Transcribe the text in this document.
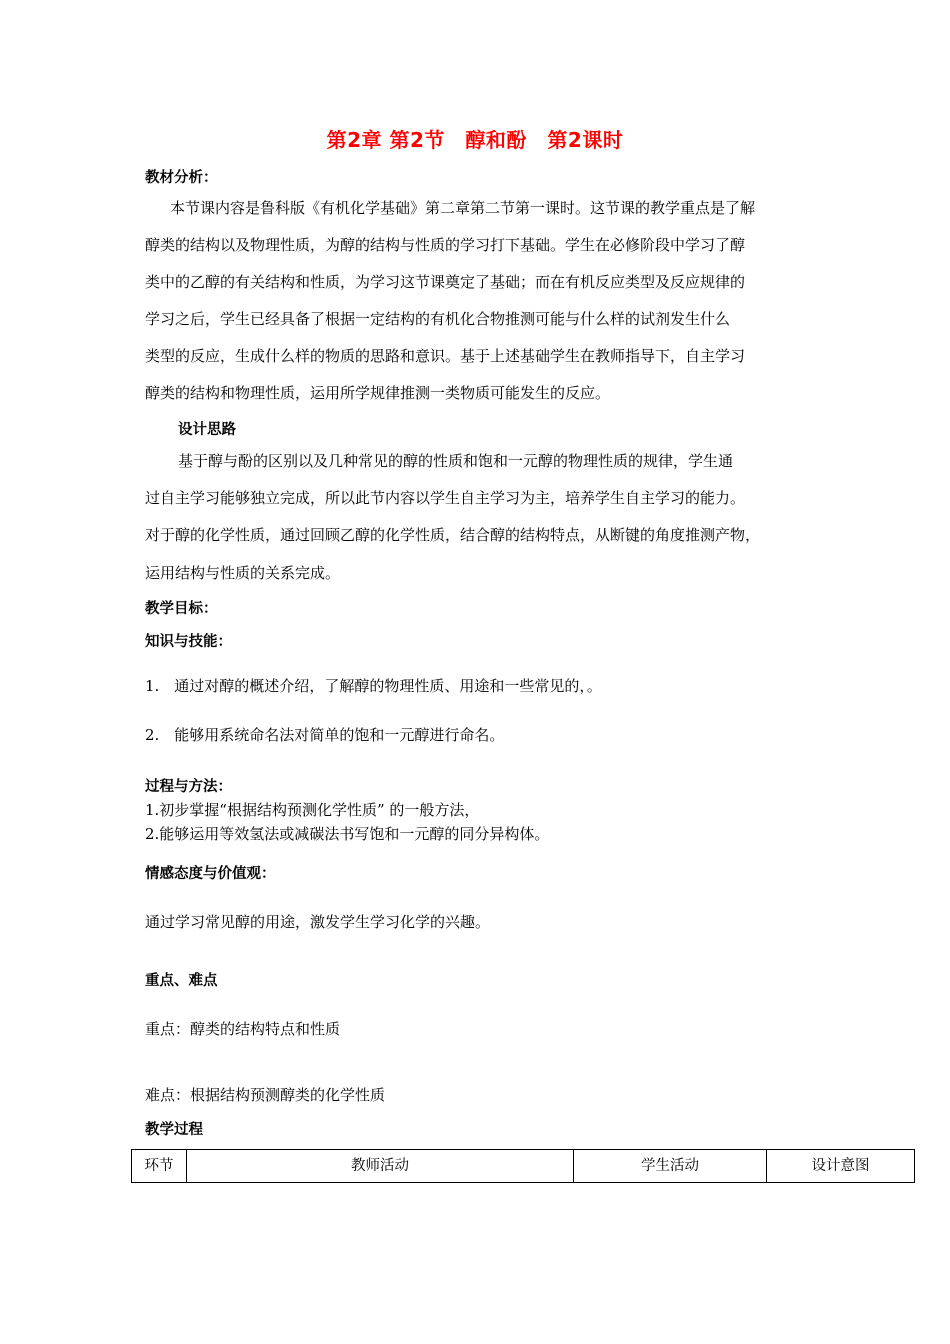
第2章 第2节　醇和酚　第2课时
教材分析：
本节课内容是鲁科版《有机化学基础》第二章第二节第一课时。这节课的教学重点是了解
醇类的结构以及物理性质，为醇的结构与性质的学习打下基础。学生在必修阶段中学习了醇
类中的乙醇的有关结构和性质，为学习这节课奠定了基础；而在有机反应类型及反应规律的
学习之后，学生已经具备了根据一定结构的有机化合物推测可能与什么样的试剂发生什么
类型的反应，生成什么样的物质的思路和意识。基于上述基础学生在教师指导下，自主学习
醇类的结构和物理性质，运用所学规律推测一类物质可能发生的反应。
设计思路
基于醇与酚的区别以及几种常见的醇的性质和饱和一元醇的物理性质的规律，学生通
过自主学习能够独立完成，所以此节内容以学生自主学习为主，培养学生自主学习的能力。
对于醇的化学性质，通过回顾乙醇的化学性质，结合醇的结构特点，从断键的角度推测产物，
运用结构与性质的关系完成。
教学目标：
知识与技能：
1.　通过对醇的概述介绍，了解醇的物理性质、用途和一些常见的，。
2.　能够用系统命名法对简单的饱和一元醇进行命名。
过程与方法：
1.初步掌握“根据结构预测化学性质” 的一般方法，
2.能够运用等效氢法或减碳法书写饱和一元醇的同分异构体。
情感态度与价值观：
通过学习常见醇的用途，激发学生学习化学的兴趣。
重点、难点
重点：醇类的结构特点和性质
难点：根据结构预测醇类的化学性质
教学过程
环节	教师活动	学生活动	设计意图
